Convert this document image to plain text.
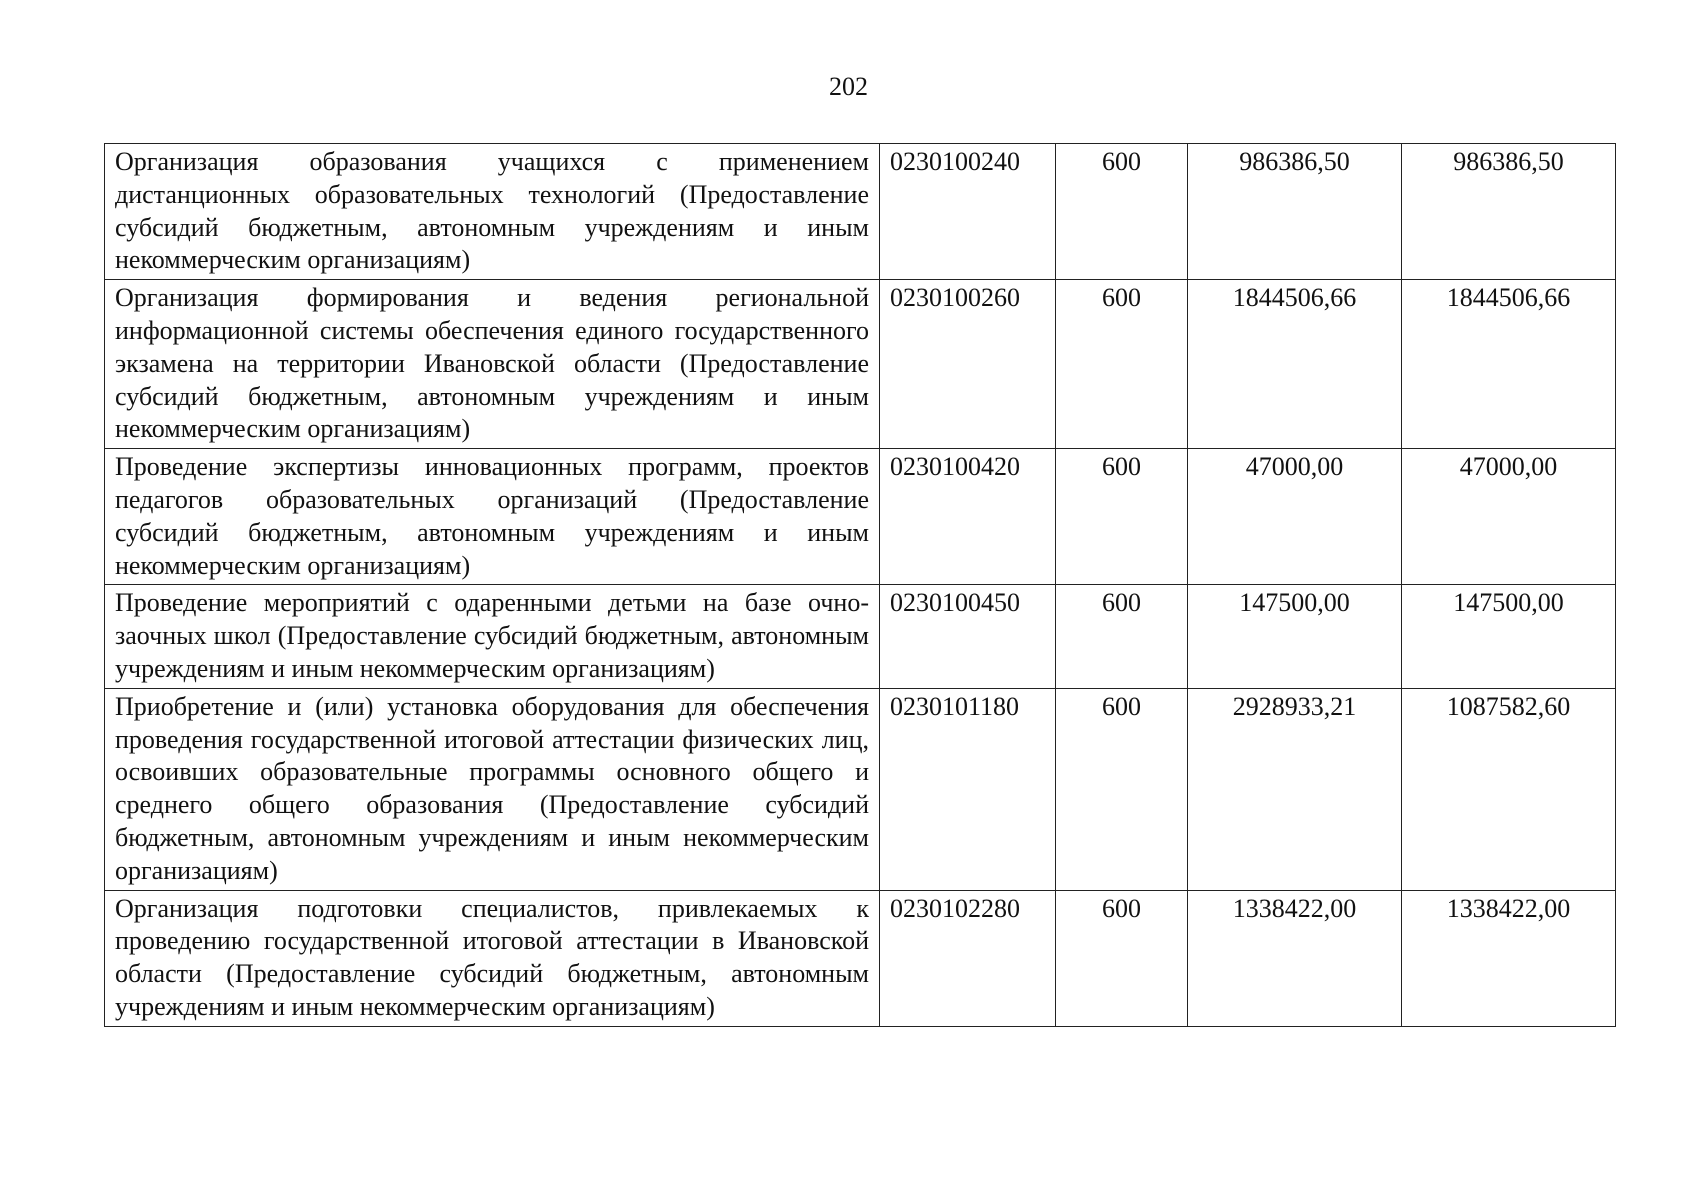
202
Организация образования учащихся с применением дистанционных образовательных технологий (Предоставление субсидий бюджетным, автономным учреждениям и иным некоммерческим организациям)	0230100240	600	986386,50	986386,50
Организация формирования и ведения региональной информационной системы обеспечения единого государственного экзамена на территории Ивановской области (Предоставление субсидий бюджетным, автономным учреждениям и иным некоммерческим организациям)	0230100260	600	1844506,66	1844506,66
Проведение экспертизы инновационных программ, проектов педагогов образовательных организаций (Предоставление субсидий бюджетным, автономным учреждениям и иным некоммерческим организациям)	0230100420	600	47000,00	47000,00
Проведение мероприятий с одаренными детьми на базе очно-заочных школ (Предоставление субсидий бюджетным, автономным учреждениям и иным некоммерческим организациям)	0230100450	600	147500,00	147500,00
Приобретение и (или) установка оборудования для обеспечения проведения государственной итоговой аттестации физических лиц, освоивших образовательные программы основного общего и среднего общего образования (Предоставление субсидий бюджетным, автономным учреждениям и иным некоммерческим организациям)	0230101180	600	2928933,21	1087582,60
Организация подготовки специалистов, привлекаемых к проведению государственной итоговой аттестации в Ивановской области (Предоставление субсидий бюджетным, автономным учреждениям и иным некоммерческим организациям)	0230102280	600	1338422,00	1338422,00
